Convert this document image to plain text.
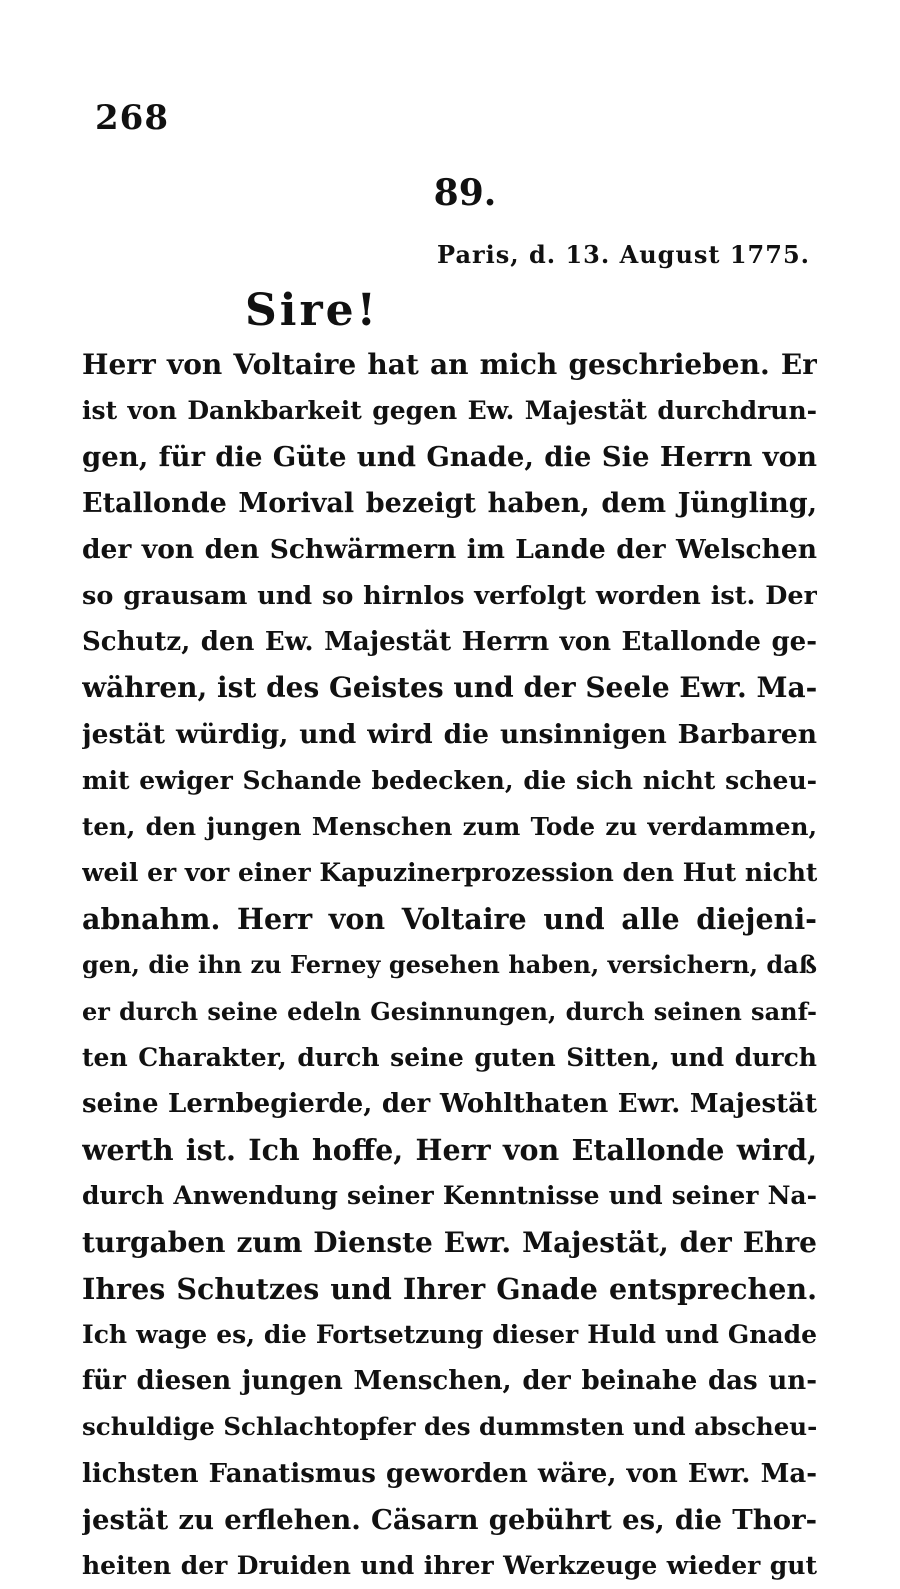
268
89.
Paris, d. 13. August 1775.
Sire!
Herr von Voltaire hat an mich geschrieben. Er
ist von Dankbarkeit gegen Ew. Majestät durchdrun-
gen, für die Güte und Gnade, die Sie Herrn von
Etallonde Morival bezeigt haben, dem Jüngling,
der von den Schwärmern im Lande der Welschen
so grausam und so hirnlos verfolgt worden ist. Der
Schutz, den Ew. Majestät Herrn von Etallonde ge-
währen, ist des Geistes und der Seele Ewr. Ma-
jestät würdig, und wird die unsinnigen Barbaren
mit ewiger Schande bedecken, die sich nicht scheu-
ten, den jungen Menschen zum Tode zu verdammen,
weil er vor einer Kapuzinerprozession den Hut nicht
abnahm. Herr von Voltaire und alle diejeni-
gen, die ihn zu Ferney gesehen haben, versichern, daß
er durch seine edeln Gesinnungen, durch seinen sanf-
ten Charakter, durch seine guten Sitten, und durch
seine Lernbegierde, der Wohlthaten Ewr. Majestät
werth ist. Ich hoffe, Herr von Etallonde wird,
durch Anwendung seiner Kenntnisse und seiner Na-
turgaben zum Dienste Ewr. Majestät, der Ehre
Ihres Schutzes und Ihrer Gnade entsprechen.
Ich wage es, die Fortsetzung dieser Huld und Gnade
für diesen jungen Menschen, der beinahe das un-
schuldige Schlachtopfer des dummsten und abscheu-
lichsten Fanatismus geworden wäre, von Ewr. Ma-
jestät zu erflehen. Cäsarn gebührt es, die Thor-
heiten der Druiden und ihrer Werkzeuge wieder gut
